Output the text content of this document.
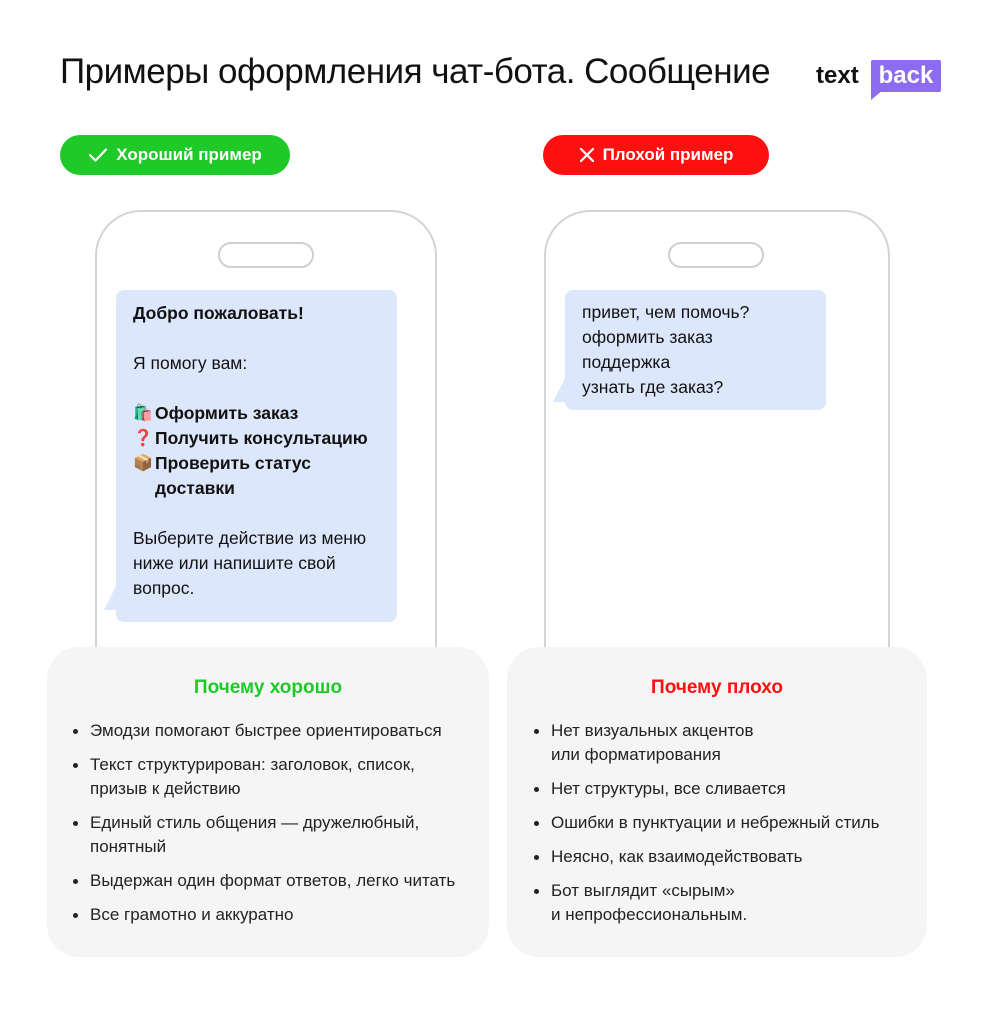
Примеры оформления чат-бота. Сообщение text back
Хороший пример	Плохой пример
Добро пожаловать!
Я помогу вам:
🛍️ Оформить заказ
❓ Получить консультацию
📦 Проверить статус доставки
Выберите действие из меню ниже или напишите свой вопрос.
привет, чем помочь?
оформить заказ
поддержка
узнать где заказ?
Почему хорошо
Эмодзи помогают быстрее ориентироваться
Текст структурирован: заголовок, список,
призыв к действию
Единый стиль общения — дружелюбный,
понятный
Выдержан один формат ответов, легко читать
Все грамотно и аккуратно
Почему плохо
Нет визуальных акцентов
или форматирования
Нет структуры, все сливается
Ошибки в пунктуации и небрежный стиль
Неясно, как взаимодействовать
Бот выглядит «сырым»
и непрофессиональным.
